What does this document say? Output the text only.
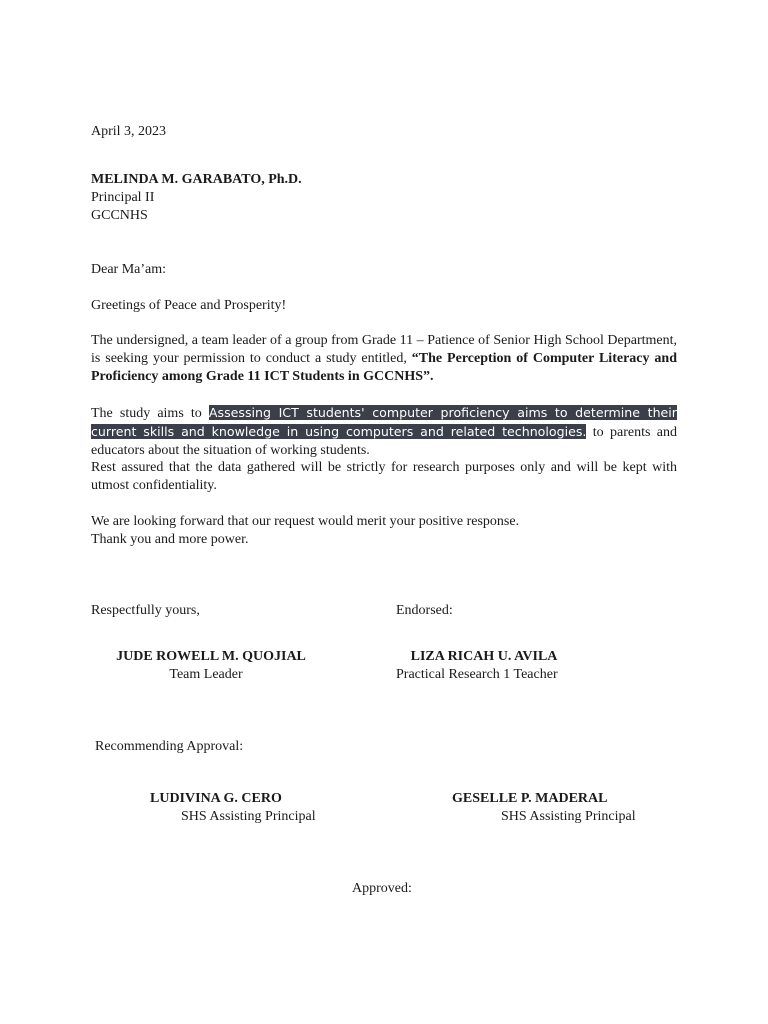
April 3, 2023
MELINDA M. GARABATO, Ph.D.
Principal II
GCCNHS
Dear Ma’am:
Greetings of Peace and Prosperity!
The undersigned, a team leader of a group from Grade 11 – Patience of Senior High School Department, is seeking your permission to conduct a study entitled, “The Perception of Computer Literacy and Proficiency among Grade 11 ICT Students in GCCNHS”.
The study aims to Assessing ICT students' computer proficiency aims to determine their current skills and knowledge in using computers and related technologies. to parents and educators about the situation of working students.
Rest assured that the data gathered will be strictly for research purposes only and will be kept with utmost confidentiality.
We are looking forward that our request would merit your positive response.
Thank you and more power.
Respectfully yours,	Endorsed:
JUDE ROWELL M. QUOJIAL
Team Leader
LIZA RICAH U. AVILA
Practical Research 1 Teacher
Recommending Approval:
LUDIVINA G. CERO
SHS Assisting Principal
GESELLE P. MADERAL
SHS Assisting Principal
Approved:
